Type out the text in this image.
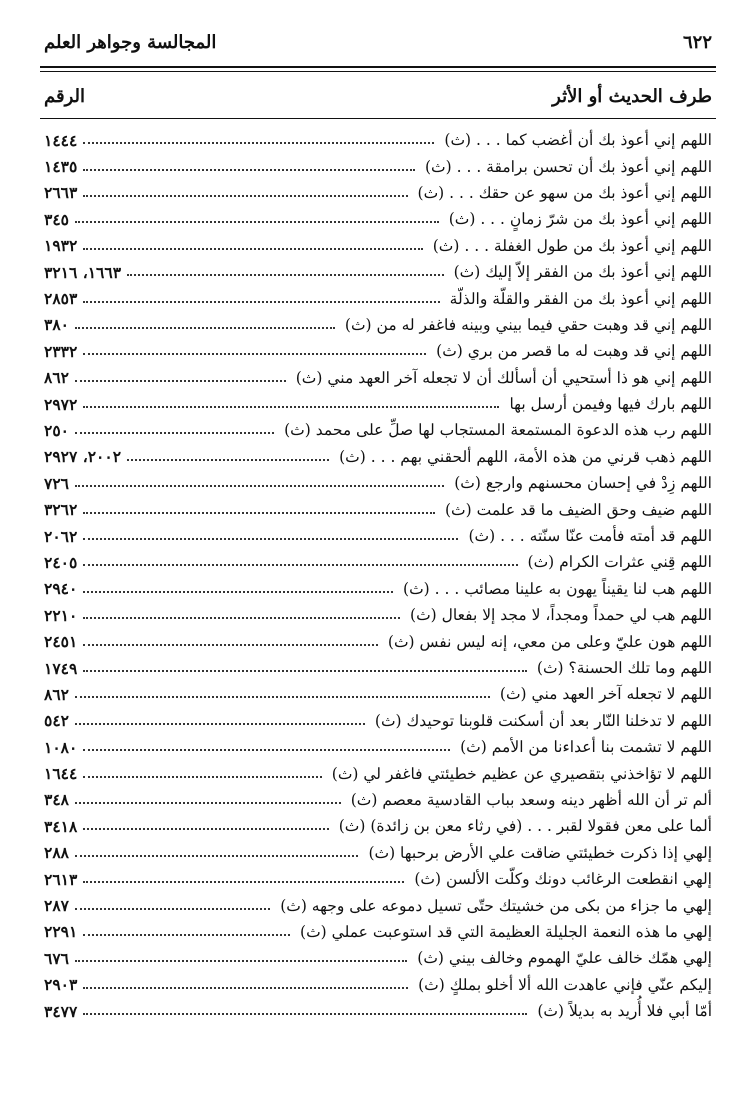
٦٢٢
المجالسة وجواهر العلم
طرف الحديث أو الأثر
الرقم
اللهم إني أعوذ بك أن أغضب كما . . . (ث)
١٤٤٤
اللهم إني أعوذ بك أن تحسن برامقة . . . (ث)
١٤٣٥
اللهم إني أعوذ بك من سهو عن حقك . . . (ث)
٢٦٦٣
اللهم إني أعوذ بك من شرّ زمانٍ . . . (ث)
٣٤٥
اللهم إني أعوذ بك من طول الغفلة . . . (ث)
١٩٣٢
اللهم إني أعوذ بك من الفقر إلاّ إليك (ث)
١٦٦٣، ٣٢١٦
اللهم إني أعوذ بك من الفقر والقلّة والذلّة
٢٨٥٣
اللهم إني قد وهبت حقي فيما بيني وبينه فاغفر له من (ث)
٣٨٠
اللهم إني قد وهبت له ما قصر من بري (ث)
٢٣٣٢
اللهم إني هو ذا أستحيي أن أسألك أن لا تجعله آخر العهد مني (ث)
٨٦٢
اللهم بارك فيها وفيمن أرسل بها
٢٩٧٢
اللهم رب هذه الدعوة المستمعة المستجاب لها صلِّ على محمد (ث)
٢٥٠
اللهم ذهب قرني من هذه الأمة، اللهم ألحقني بهم . . . (ث)
٢٠٠٢، ٢٩٢٧
اللهم زِدْ في إحسان محسنهم وارجع (ث)
٧٢٦
اللهم ضيف وحق الضيف ما قد علمت (ث)
٣٢٦٢
اللهم قد أمته فأمت عنّا سنّته . . . (ث)
٢٠٦٢
اللهم قِني عثرات الكرام (ث)
٢٤٠٥
اللهم هب لنا يقيناً يهون به علينا مصائب . . . (ث)
٢٩٤٠
اللهم هب لي حمداً ومجداً، لا مجد إلا بفعال (ث)
٢٢١٠
اللهم هون عليّ وعلى من معي، إنه ليس نفس (ث)
٢٤٥١
اللهم وما تلك الحسنة؟ (ث)
١٧٤٩
اللهم لا تجعله آخر العهد مني (ث)
٨٦٢
اللهم لا تدخلنا النّار بعد أن أسكنت قلوبنا توحيدك (ث)
٥٤٢
اللهم لا تشمت بنا أعداءنا من الأمم (ث)
١٠٨٠
اللهم لا تؤاخذني بتقصيري عن عظيم خطيئتي فاغفر لي (ث)
١٦٤٤
ألم تر أن الله أظهر دينه وسعد بباب القادسية معصم (ث)
٣٤٨
ألما على معن فقولا لقبر . . . (في رثاء معن بن زائدة) (ث)
٣٤١٨
إلهي إذا ذكرت خطيئتي ضاقت علي الأرض برحبها (ث)
٢٨٨
إلهي انقطعت الرغائب دونك وكلّت الألسن (ث)
٢٦١٣
إلهي ما جزاء من بكى من خشيتك حتّى تسيل دموعه على وجهه (ث)
٢٨٧
إلهي ما هذه النعمة الجليلة العظيمة التي قد استوعبت عملي (ث)
٢٢٩١
إلهي همّك خالف عليّ الهموم وخالف بيني (ث)
٦٧٦
إليكم عنّي فإني عاهدت الله ألا أخلو بملكٍ (ث)
٢٩٠٣
أمّا أبي فلا أُريد به بديلاً (ث)
٣٤٧٧
